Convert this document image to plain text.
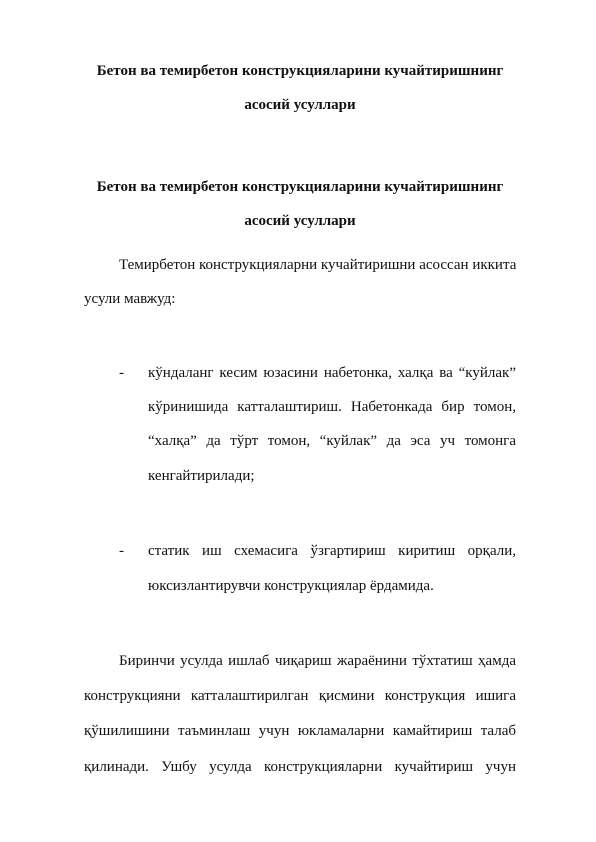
Бетон ва темирбетон конструкцияларини кучайтиришнинг
асосий усуллари
Бетон ва темирбетон конструкцияларини кучайтиришнинг
асосий усуллари
Темирбетон конструкцияларни кучайтиришни асоссан иккита
усули мавжуд:
- кўндаланг кесим юзасини набетонка, халқа ва “куйлак”
кўринишида катталаштириш. Набетонкада бир томон,
“халқа” да тўрт томон, “куйлак” да эса уч томонга
кенгайтирилади;
- статик иш схемасига ўзгартириш киритиш орқали,
юксизлантирувчи конструкциялар ёрдамида.
Биринчи усулда ишлаб чиқариш жараёнини тўхтатиш ҳамда
конструкцияни катталаштирилган қисмини конструкция ишига
қўшилишини таъминлаш учун юкламаларни камайтириш талаб
қилинади. Ушбу усулда конструкцияларни кучайтириш учун
